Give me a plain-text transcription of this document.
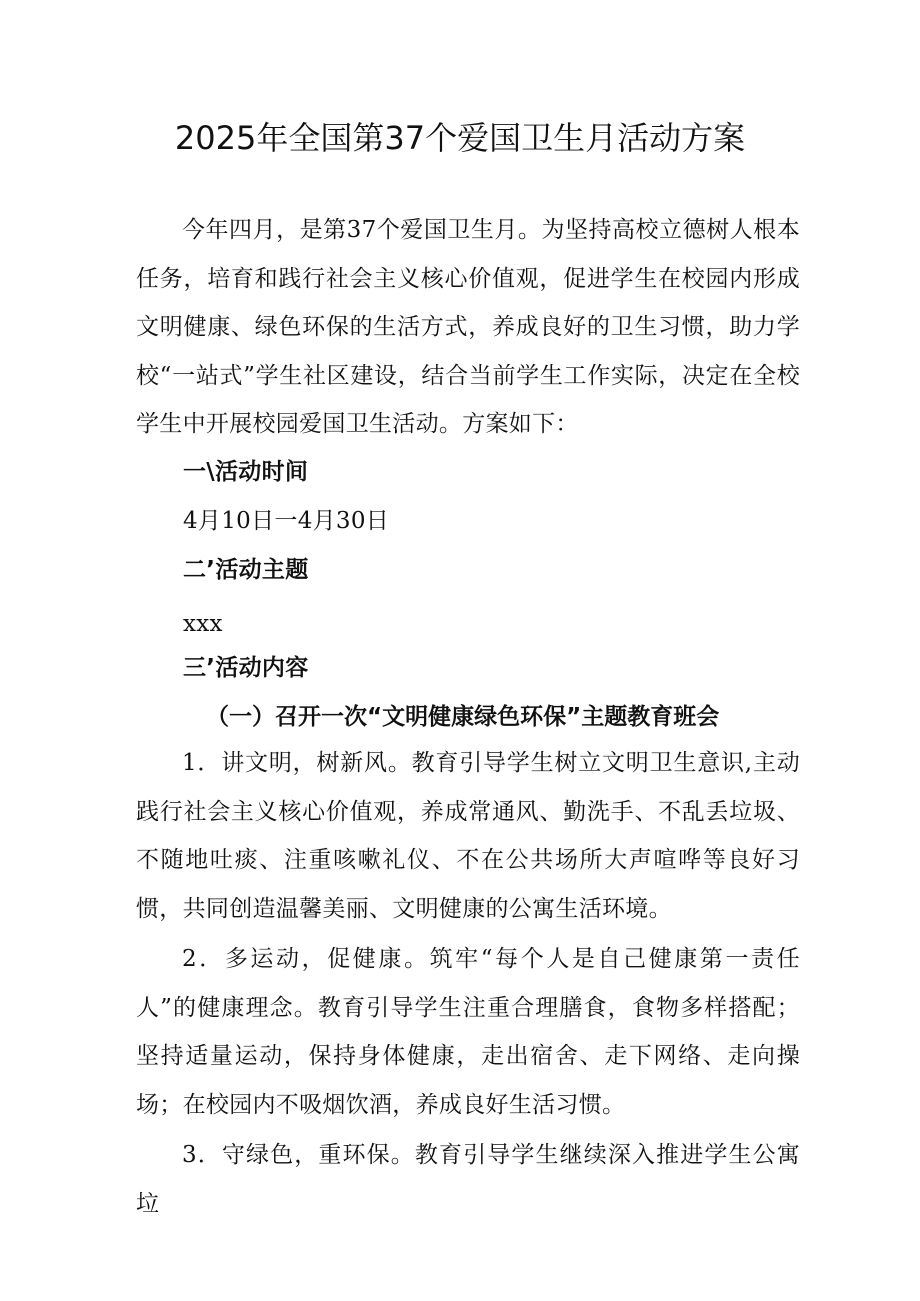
2025年全国第37个爱国卫生月活动方案
今年四月，是第37个爱国卫生月。为坚持高校立德树人根本任务，培育和践行社会主义核心价值观，促进学生在校园内形成文明健康、绿色环保的生活方式，养成良好的卫生习惯，助力学校“一站式”学生社区建设，结合当前学生工作实际，决定在全校学生中开展校园爱国卫生活动。方案如下：
一\活动时间
4月10日一4月30日
二’活动主题
xxx
三’活动内容
（一）召开一次“文明健康绿色环保”主题教育班会
1．讲文明，树新风。教育引导学生树立文明卫生意识,主动践行社会主义核心价值观，养成常通风、勤洗手、不乱丢垃圾、不随地吐痰、注重咳嗽礼仪、不在公共场所大声喧哗等良好习惯，共同创造温馨美丽、文明健康的公寓生活环境。
2．多运动，促健康。筑牢“每个人是自己健康第一责任人”的健康理念。教育引导学生注重合理膳食，食物多样搭配；坚持适量运动，保持身体健康，走出宿舍、走下网络、走向操场；在校园内不吸烟饮酒，养成良好生活习惯。
3．守绿色，重环保。教育引导学生继续深入推进学生公寓垃
